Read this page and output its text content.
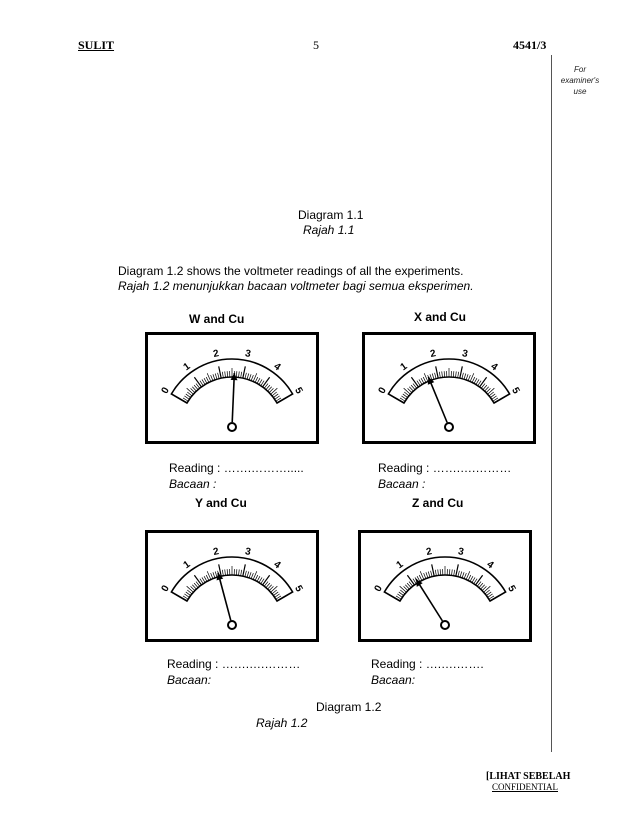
SULIT	5	4541/3
For
examiner's
use
Diagram 1.1
Rajah 1.1
Diagram 1.2 shows the voltmeter readings of all the experiments.
Rajah 1.2 menunjukkan bacaan voltmeter bagi semua eksperimen.
W and Cu
0
1
2 3
4
5
Reading : …….……….....
Bacaan :
X and Cu
0
1
2 3
4
5
Reading : …….….………
Bacaan :
Y and Cu
0
1
2 3
4
5
Reading : …….….………
Bacaan:
Z and Cu
0
1
2 3
4
5
Reading : ….….…….
Bacaan:
Diagram 1.2
Rajah 1.2
[LIHAT SEBELAH
CONFIDENTIAL
